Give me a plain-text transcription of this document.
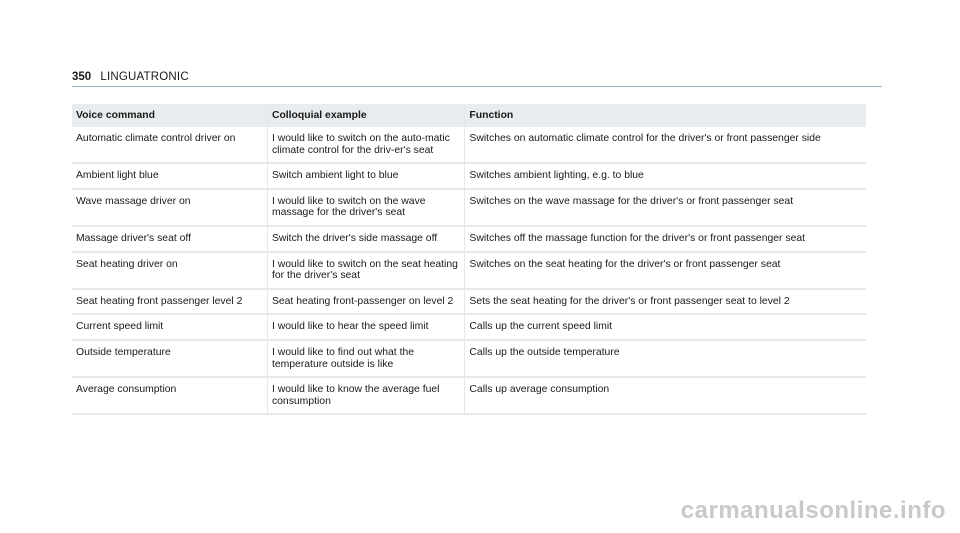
350 LINGUATRONIC
Voice command	Colloquial example	Function
Automatic climate control driver on	I would like to switch on the auto-matic climate control for the driv-er's seat	Switches on automatic climate control for the driver's or front passenger side
Ambient light blue	Switch ambient light to blue	Switches ambient lighting, e.g. to blue
Wave massage driver on	I would like to switch on the wave massage for the driver's seat	Switches on the wave massage for the driver's or front passenger seat
Massage driver's seat off	Switch the driver's side massage off	Switches off the massage function for the driver's or front passenger seat
Seat heating driver on	I would like to switch on the seat heating for the driver's seat	Switches on the seat heating for the driver's or front passenger seat
Seat heating front passenger level 2	Seat heating front-passenger on level 2	Sets the seat heating for the driver's or front passenger seat to level 2
Current speed limit	I would like to hear the speed limit	Calls up the current speed limit
Outside temperature	I would like to find out what the temperature outside is like	Calls up the outside temperature
Average consumption	I would like to know the average fuel consumption	Calls up average consumption
carmanualsonline.info
